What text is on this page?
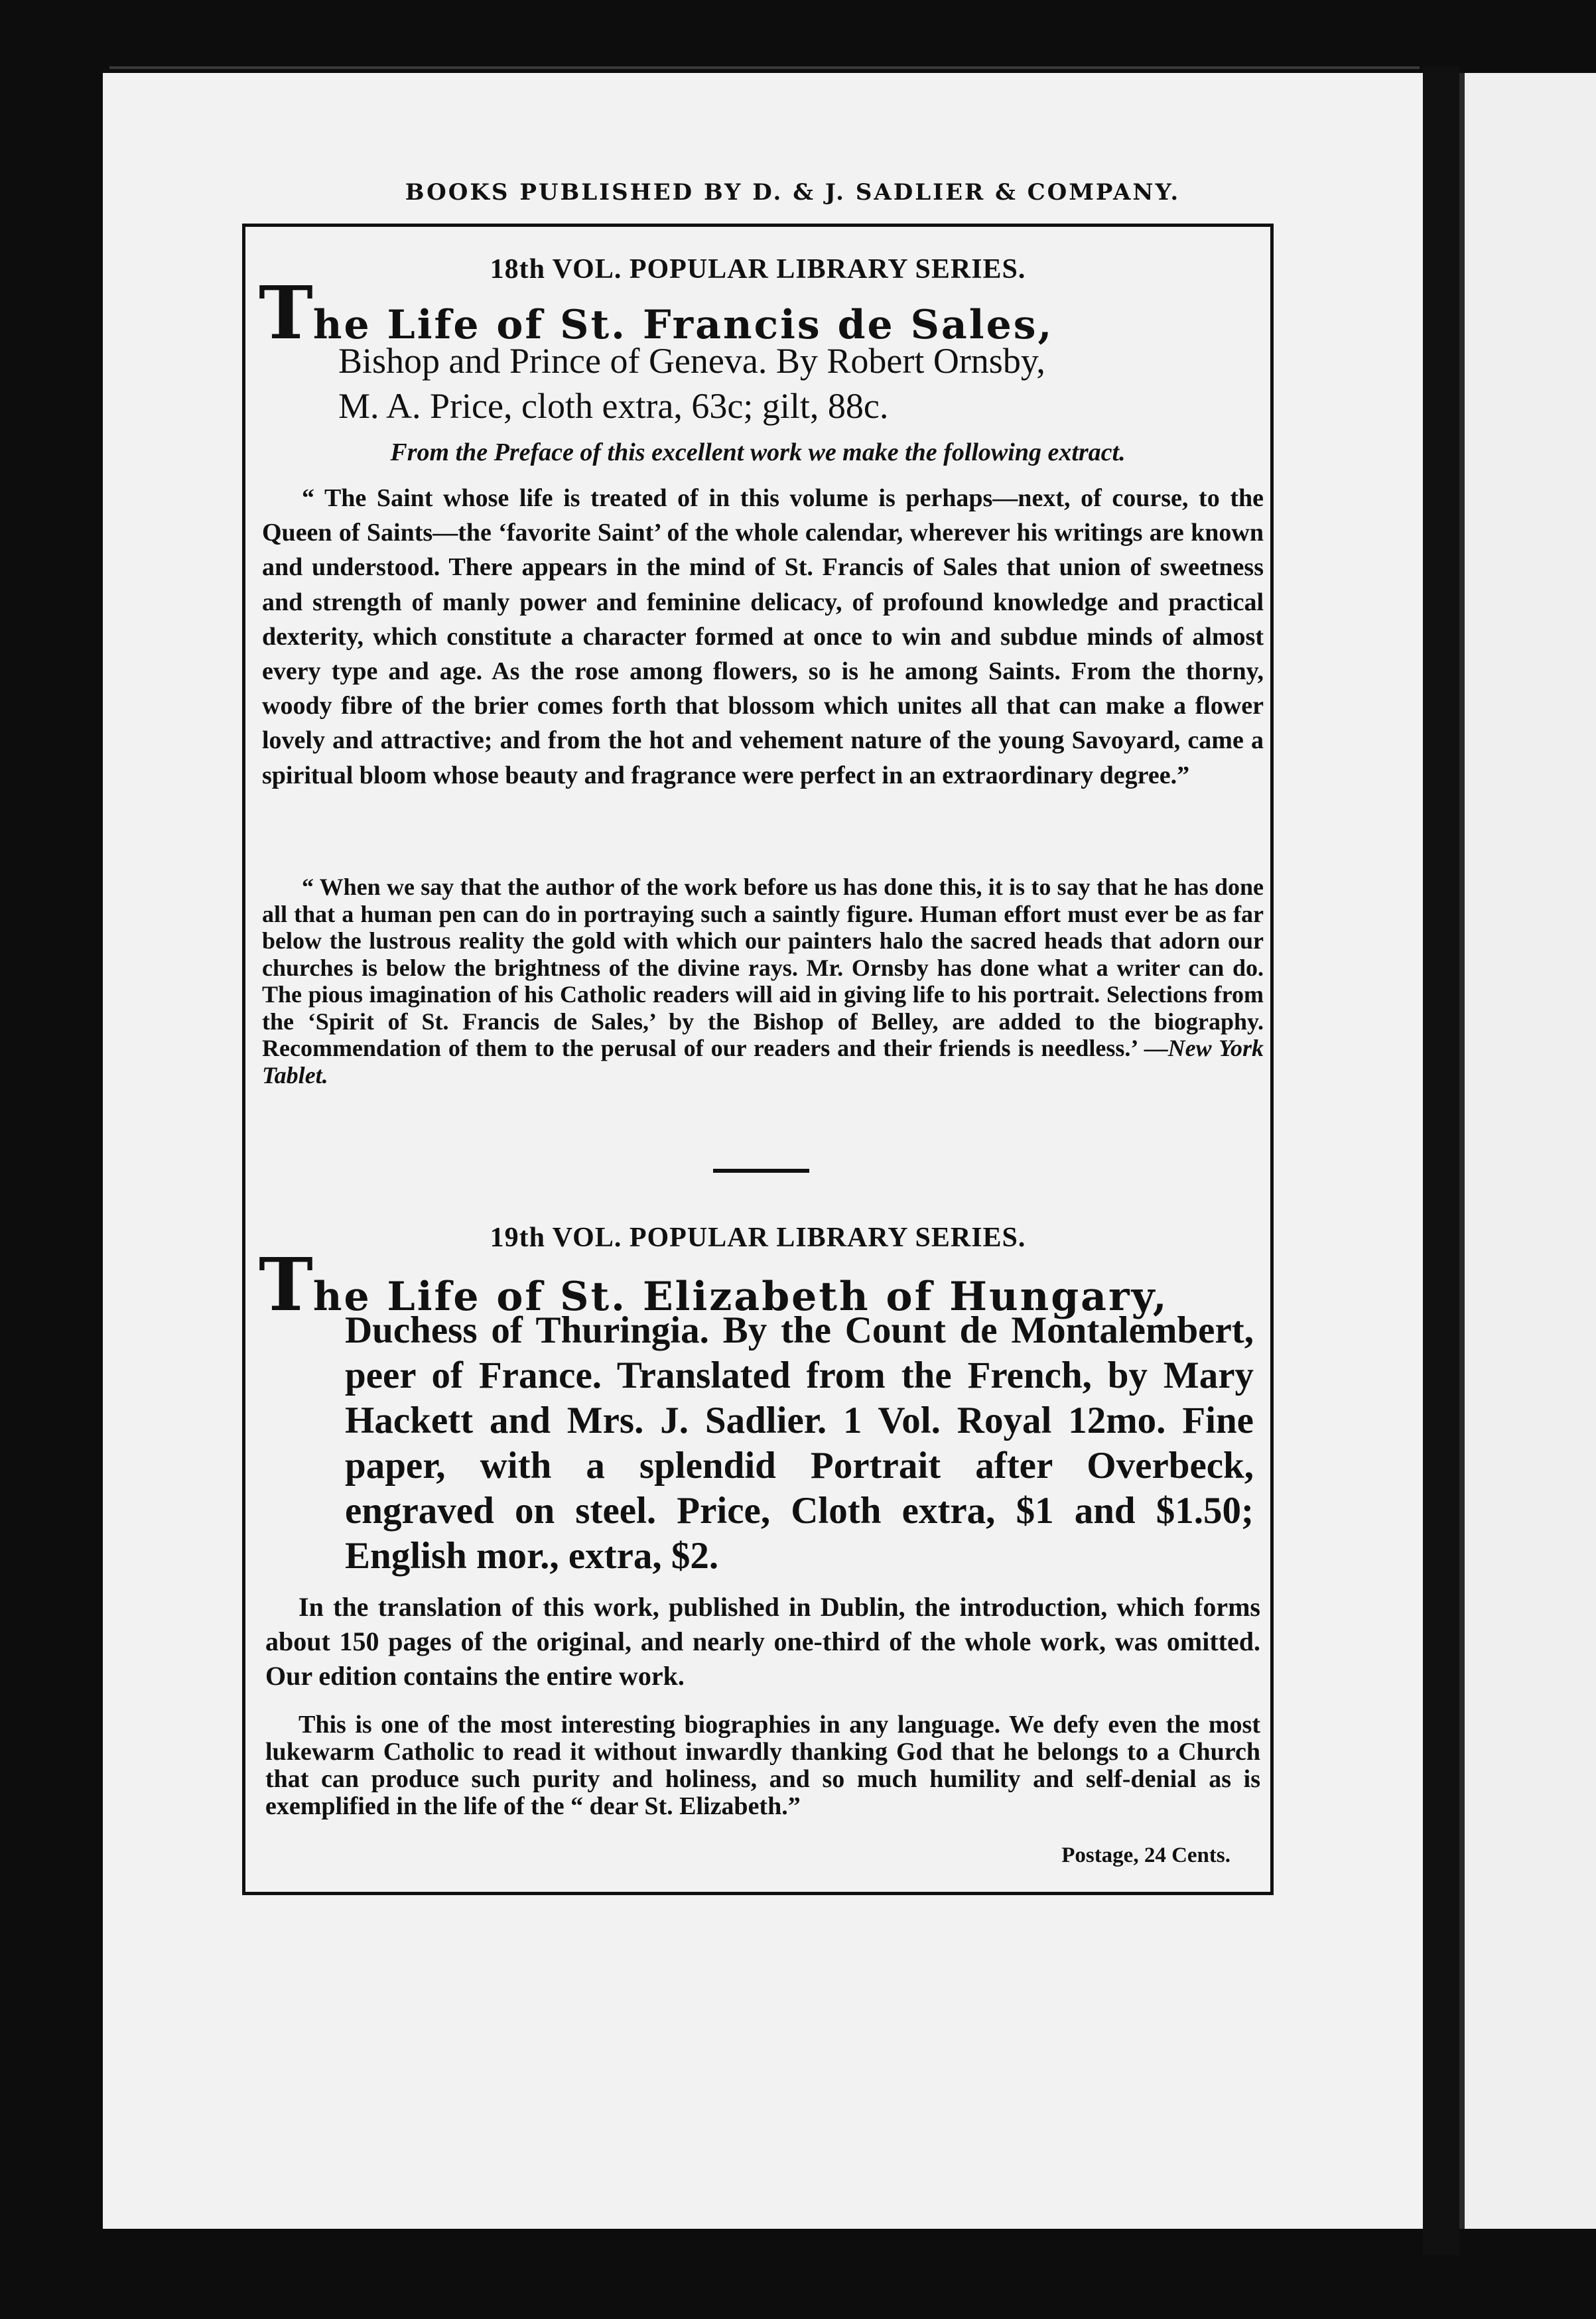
BOOKS PUBLISHED BY D. & J. SADLIER & COMPANY.
18th VOL. POPULAR LIBRARY SERIES.
The Life of St. Francis de Sales,
Bishop and Prince of Geneva. By Robert Ornsby,
M. A. Price, cloth extra, 63c; gilt, 88c.
From the Preface of this excellent work we make the following extract.

“ The Saint whose life is treated of in this volume is perhaps—next, of course, to the Queen of Saints—the ‘favorite Saint’ of the whole calendar, wherever his writings are known and understood. There appears in the mind of St. Francis of Sales that union of sweetness and strength of manly power and feminine delicacy, of profound knowledge and practical dexterity, which constitute a character formed at once to win and subdue minds of almost every type and age. As the rose among flowers, so is he among Saints. From the thorny, woody fibre of the brier comes forth that blossom which unites all that can make a flower lovely and attractive; and from the hot and vehement nature of the young Savoyard, came a spiritual bloom whose beauty and fragrance were perfect in an extraordinary degree.”

“ When we say that the author of the work before us has done this, it is to say that he has done all that a human pen can do in portraying such a saintly figure. Human effort must ever be as far below the lustrous reality the gold with which our painters halo the sacred heads that adorn our churches is below the brightness of the divine rays. Mr. Ornsby has done what a writer can do. The pious imagination of his Catholic readers will aid in giving life to his portrait. Selections from the ‘Spirit of St. Francis de Sales,’ by the Bishop of Belley, are added to the biography. Recommendation of them to the perusal of our readers and their friends is needless.’ —New York Tablet.

19th VOL. POPULAR LIBRARY SERIES.
The Life of St. Elizabeth of Hungary,

Duchess of Thuringia. By the Count de Montalembert, peer of France. Translated from the French, by Mary Hackett and Mrs. J. Sadlier. 1 Vol. Royal 12mo. Fine paper, with a splendid Portrait after Overbeck, engraved on steel. Price, Cloth extra, $1 and $1.50; English mor., extra, $2.

In the translation of this work, published in Dublin, the introduction, which forms about 150 pages of the original, and nearly one-third of the whole work, was omitted. Our edition contains the entire work.

This is one of the most interesting biographies in any language. We defy even the most lukewarm Catholic to read it without inwardly thanking God that he belongs to a Church that can produce such purity and holiness, and so much humility and self-denial as is exemplified in the life of the “ dear St. Elizabeth.”

Postage, 24 Cents.
